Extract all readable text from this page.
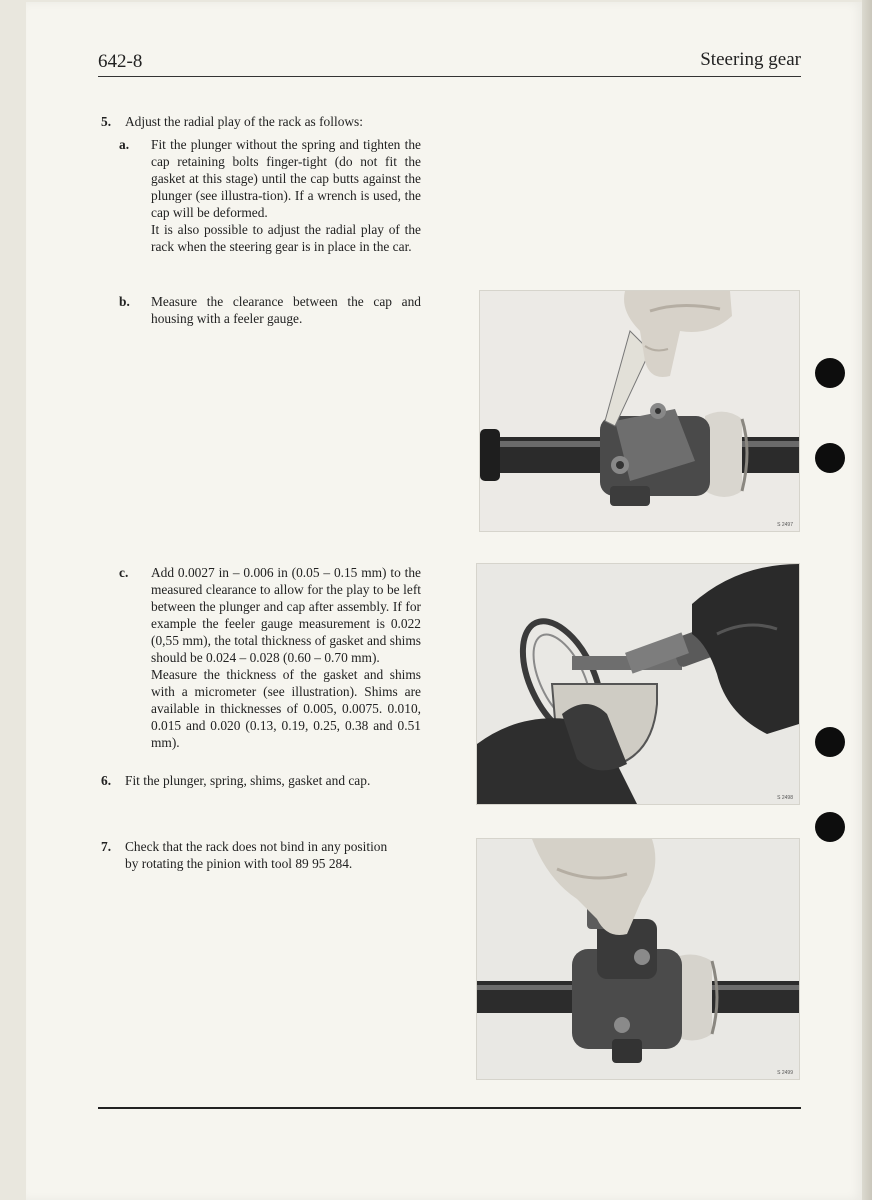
642-8	Steering gear
5. Adjust the radial play of the rack as follows:
a. Fit the plunger without the spring and tighten the cap retaining bolts finger-tight (do not fit the gasket at this stage) until the cap butts against the plunger (see illustra-tion). If a wrench is used, the cap will be deformed.

It is also possible to adjust the radial play of the rack when the steering gear is in place in the car.

b. Measure the clearance between the cap and housing with a feeler gauge.

c. Add 0.0027 in – 0.006 in (0.05 – 0.15 mm) to the measured clearance to allow for the play to be left between the plunger and cap after assembly. If for example the feeler gauge measurement is 0.022 (0,55 mm), the total thickness of gasket and shims should be 0.024 – 0.028 (0.60 – 0.70 mm).

Measure the thickness of the gasket and shims with a micrometer (see illustration). Shims are available in thicknesses of 0.005, 0.0075. 0.010, 0.015 and 0.020 (0.13, 0.19, 0.25, 0.38 and 0.51 mm).

6. Fit the plunger, spring, shims, gasket and cap.
7. Check that the rack does not bind in any position
by rotating the pinion with tool 89 95 284.
S 2497
S 2498
S 2499
